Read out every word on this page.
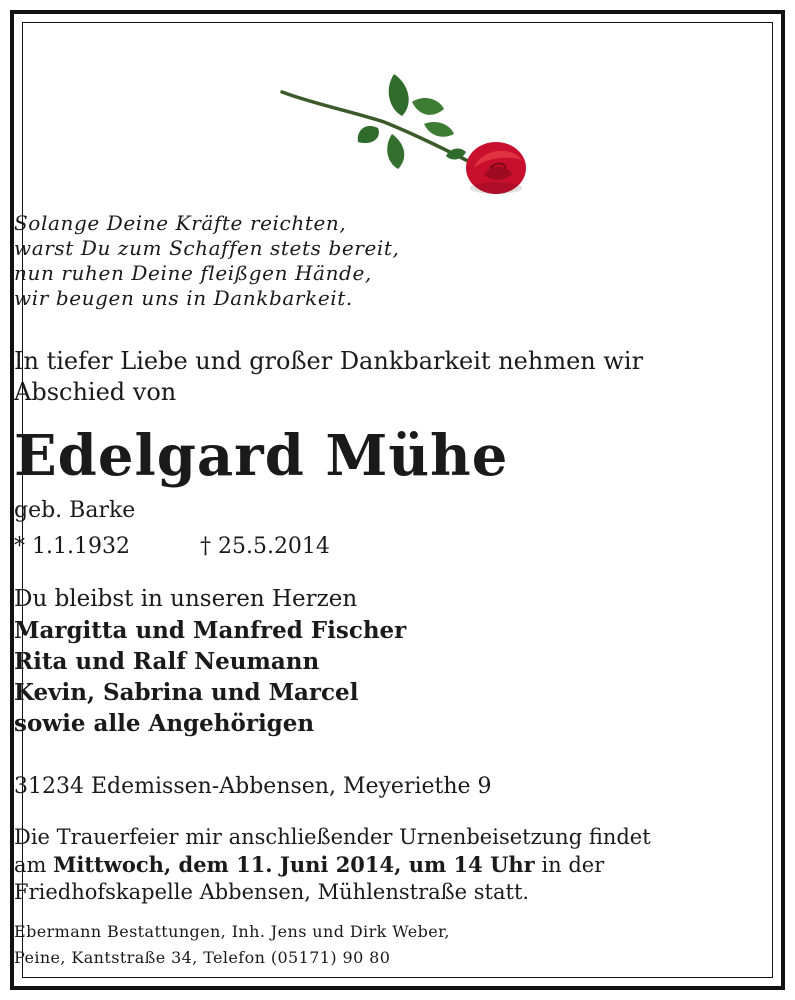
Solange Deine Kräfte reichten,
warst Du zum Schaffen stets bereit,
nun ruhen Deine fleißgen Hände,
wir beugen uns in Dankbarkeit.
In tiefer Liebe und großer Dankbarkeit nehmen wir
Abschied von
Edelgard Mühe
geb. Barke
* 1.1.1932	† 25.5.2014
Du bleibst in unseren Herzen
Margitta und Manfred Fischer
Rita und Ralf Neumann
Kevin, Sabrina und Marcel
sowie alle Angehörigen
31234 Edemissen-Abbensen, Meyeriethe 9
Die Trauerfeier mir anschließender Urnenbeisetzung findet
am Mittwoch, dem 11. Juni 2014, um 14 Uhr in der
Friedhofskapelle Abbensen, Mühlenstraße statt.
Ebermann Bestattungen, Inh. Jens und Dirk Weber,
Peine, Kantstraße 34, Telefon (05171) 90 80
